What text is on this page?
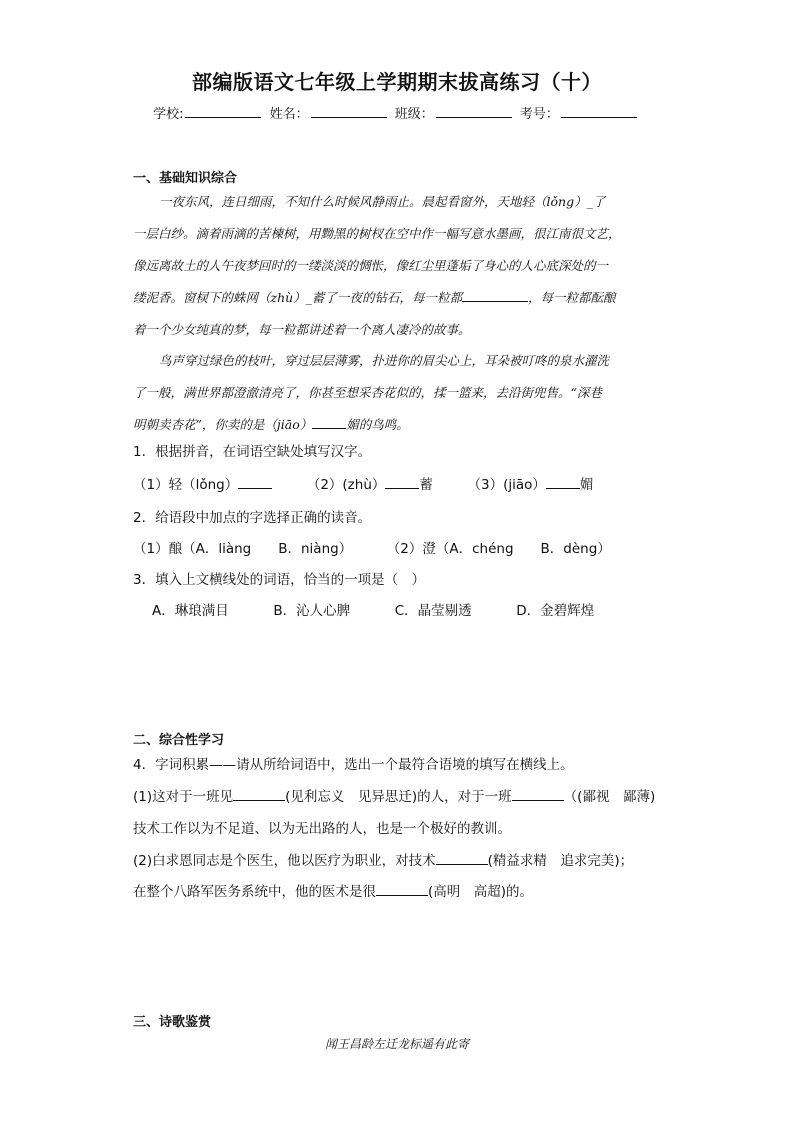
部编版语文七年级上学期期末拔高练习（十）
学校:	姓名：	班级：	考号：
一、基础知识综合
一夜东风，连日细雨，不知什么时候风静雨止。晨起看窗外，天地轻（lǒng）_了
一层白纱。滴着雨滴的苦楝树，用黝黑的树杈在空中作一幅写意水墨画，很江南很文艺，
像远离故土的人午夜梦回时的一缕淡淡的惆怅，像红尘里蓬垢了身心的人心底深处的一
缕泥香。窗棂下的蛛网（zhù）_蓄了一夜的钻石，每一粒都	，每一粒都酝酿
着一个少女纯真的梦，每一粒都讲述着一个离人凄冷的故事。
鸟声穿过绿色的枝叶，穿过层层薄雾，扑进你的眉尖心上，耳朵被叮咚的泉水濯洗
了一般，满世界都澄澈清亮了，你甚至想采杏花似的，揉一篮来，去沿街兜售。“深巷
明朝卖杏花”，你卖的是（jiāo）	媚的鸟鸣。
1．根据拼音，在词语空缺处填写汉字。
（1）轻（lǒng）	（2）(zhù）	蓄	（3）(jiāo）	媚
2．给语段中加点的字选择正确的读音。
（1）酿（A．liàng　　B．niàng）	（2）澄（A．chéng　　B．dèng）
3．填入上文横线处的词语，恰当的一项是（　）
A．琳琅满目	B．沁人心脾	C．晶莹剔透	D．金碧辉煌
二、综合性学习
4．字词积累——请从所给词语中，选出一个最符合语境的填写在横线上。
(1)这对于一班见	(见利忘义　见异思迁)的人，对于一班	（(鄙视　鄙薄)
技术工作以为不足道、以为无出路的人，也是一个极好的教训。
(2)白求恩同志是个医生，他以医疗为职业，对技术	(精益求精　追求完美)；
在整个八路军医务系统中，他的医术是很	(高明　高超)的。
三、诗歌鉴赏
闻王昌龄左迁龙标遥有此寄
